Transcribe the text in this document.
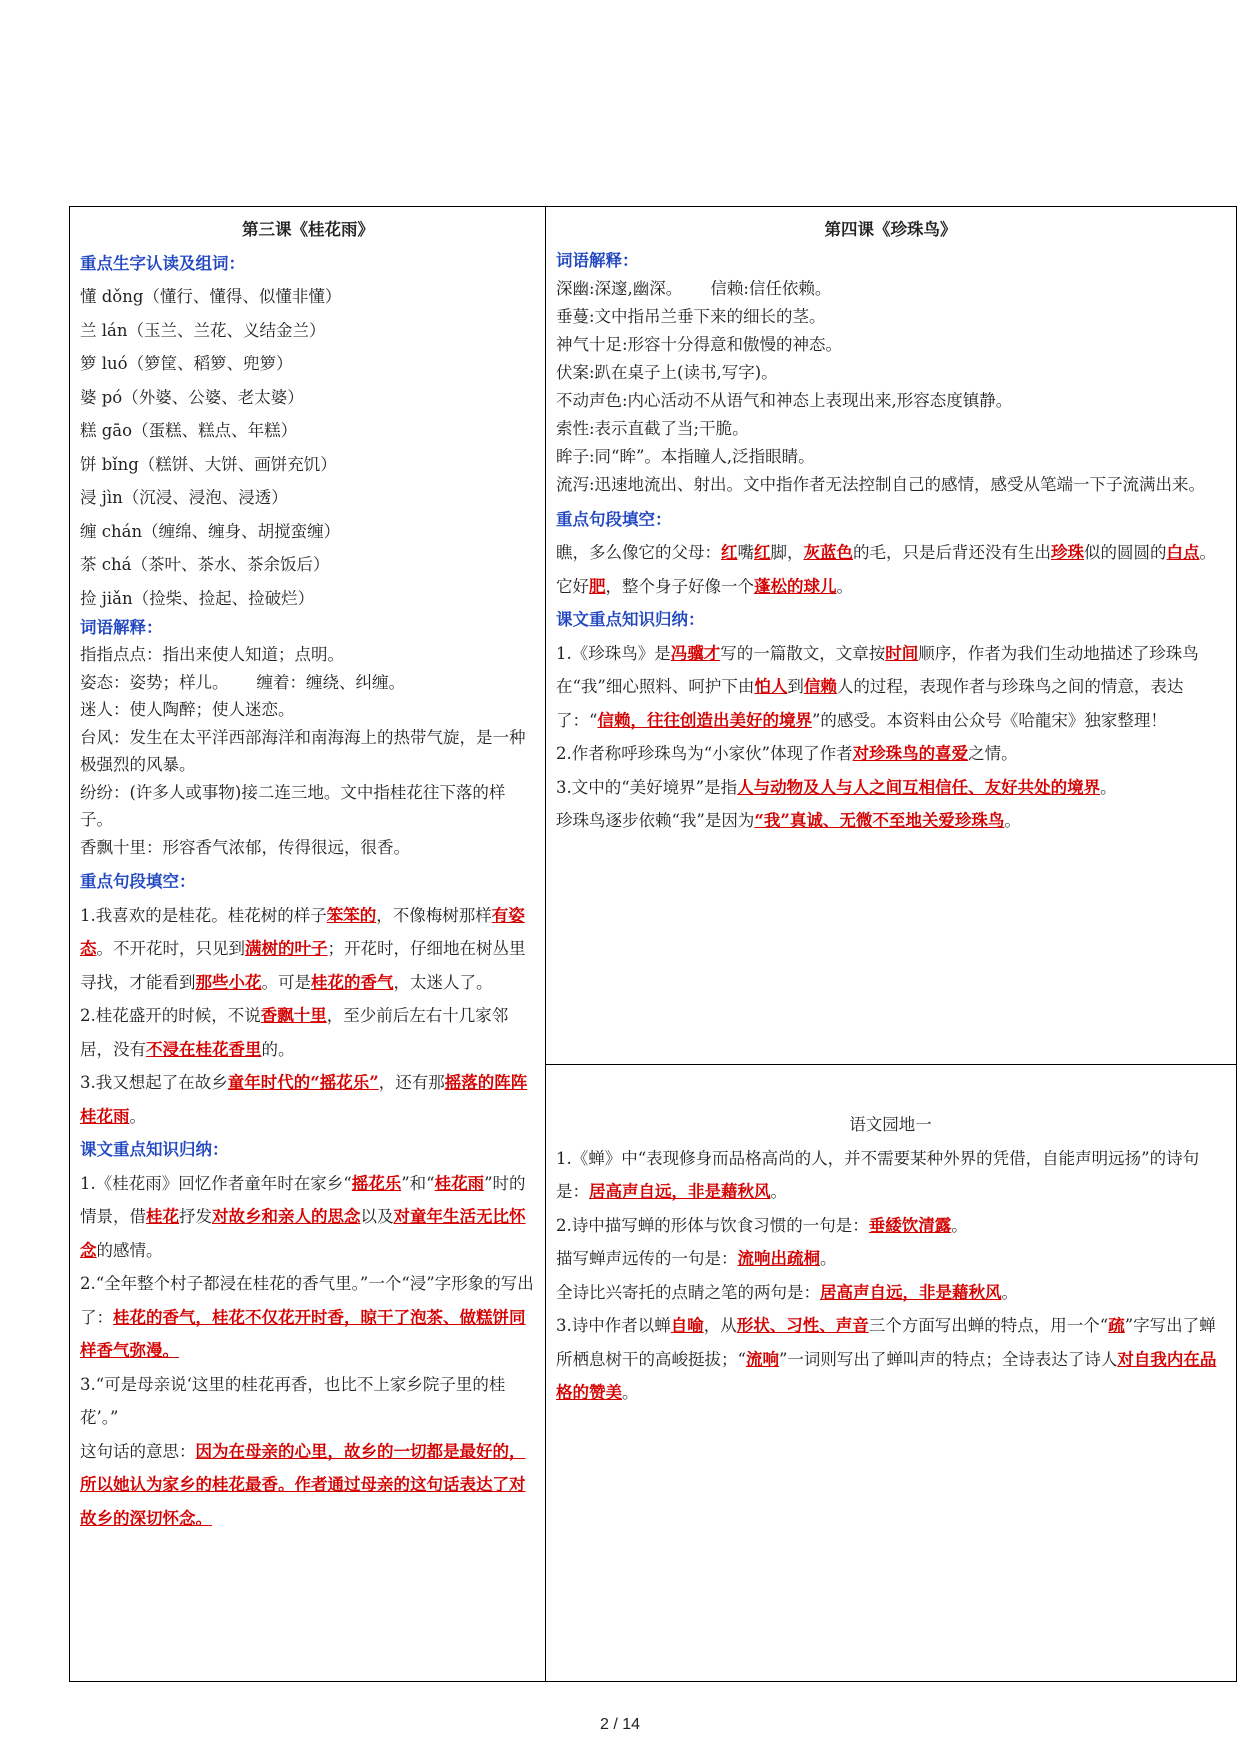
第三课《桂花雨》

重点生字认读及组词：

懂 dǒng（懂行、懂得、似懂非懂）

兰 lán（玉兰、兰花、义结金兰）

箩 luó（箩筐、稻箩、兜箩）

婆 pó（外婆、公婆、老太婆）

糕 gāo（蛋糕、糕点、年糕）

饼 bǐng（糕饼、大饼、画饼充饥）

浸 jìn（沉浸、浸泡、浸透）

缠 chán（缠绵、缠身、胡搅蛮缠）

茶 chá（茶叶、茶水、茶余饭后）

捡 jiǎn（捡柴、捡起、捡破烂）

词语解释：

指指点点：指出来使人知道；点明。

姿态：姿势；样儿。 缠着：缠绕、纠缠。

迷人：使人陶醉；使人迷恋。

台风：发生在太平洋西部海洋和南海海上的热带气旋，是一种极强烈的风暴。

纷纷：(许多人或事物)接二连三地。文中指桂花往下落的样子。

香飘十里：形容香气浓郁，传得很远，很香。

重点句段填空：

1.我喜欢的是桂花。桂花树的样子笨笨的，不像梅树那样有姿态。不开花时，只见到满树的叶子；开花时，仔细地在树丛里寻找，才能看到那些小花。可是桂花的香气，太迷人了。

2.桂花盛开的时候，不说香飘十里，至少前后左右十几家邻居，没有不浸在桂花香里的。

3.我又想起了在故乡童年时代的“摇花乐”，还有那摇落的阵阵桂花雨。

课文重点知识归纳：

1.《桂花雨》回忆作者童年时在家乡“摇花乐”和“桂花雨”时的情景，借桂花抒发对故乡和亲人的思念以及对童年生活无比怀念的感情。

2.“全年整个村子都浸在桂花的香气里。”一个“浸”字形象的写出了：桂花的香气，桂花不仅花开时香，晾干了泡茶、做糕饼同样香气弥漫。

3.“可是母亲说‘这里的桂花再香，也比不上家乡院子里的桂花’。”

这句话的意思：因为在母亲的心里，故乡的一切都是最好的，所以她认为家乡的桂花最香。作者通过母亲的这句话表达了对故乡的深切怀念。

第四课《珍珠鸟》

词语解释：

深幽:深邃,幽深。 信赖:信任依赖。

垂蔓:文中指吊兰垂下来的细长的茎。

神气十足:形容十分得意和傲慢的神态。

伏案:趴在桌子上(读书,写字)。

不动声色:内心活动不从语气和神态上表现出来,形容态度镇静。

索性:表示直截了当;干脆。

眸子:同“眸”。本指瞳人,泛指眼睛。

流泻:迅速地流出、射出。文中指作者无法控制自己的感情，感受从笔端一下子流满出来。

重点句段填空：

瞧，多么像它的父母：红嘴红脚，灰蓝色的毛，只是后背还没有生出珍珠似的圆圆的白点。它好肥，整个身子好像一个蓬松的球儿。

课文重点知识归纳：

1.《珍珠鸟》是冯骥才写的一篇散文，文章按时间顺序，作者为我们生动地描述了珍珠鸟在“我”细心照料、呵护下由怕人到信赖人的过程，表现作者与珍珠鸟之间的情意，表达了：“信赖，往往创造出美好的境界”的感受。本资料由公众号《哈龍宋》独家整理！

2.作者称呼珍珠鸟为“小家伙”体现了作者对珍珠鸟的喜爱之情。

3.文中的“美好境界”是指人与动物及人与人之间互相信任、友好共处的境界。

珍珠鸟逐步依赖“我”是因为“我”真诚、无微不至地关爱珍珠鸟。

语文园地一

1.《蝉》中“表现修身而品格高尚的人，并不需要某种外界的凭借，自能声明远扬”的诗句是：居高声自远，非是藉秋风。

2.诗中描写蝉的形体与饮食习惯的一句是：垂緌饮清露。

描写蝉声远传的一句是：流响出疏桐。

全诗比兴寄托的点睛之笔的两句是：居高声自远，非是藉秋风。

3.诗中作者以蝉自喻，从形状、习性、声音三个方面写出蝉的特点，用一个“疏”字写出了蝉所栖息树干的高峻挺拔；“流响”一词则写出了蝉叫声的特点；全诗表达了诗人对自我内在品格的赞美。

2 / 14
